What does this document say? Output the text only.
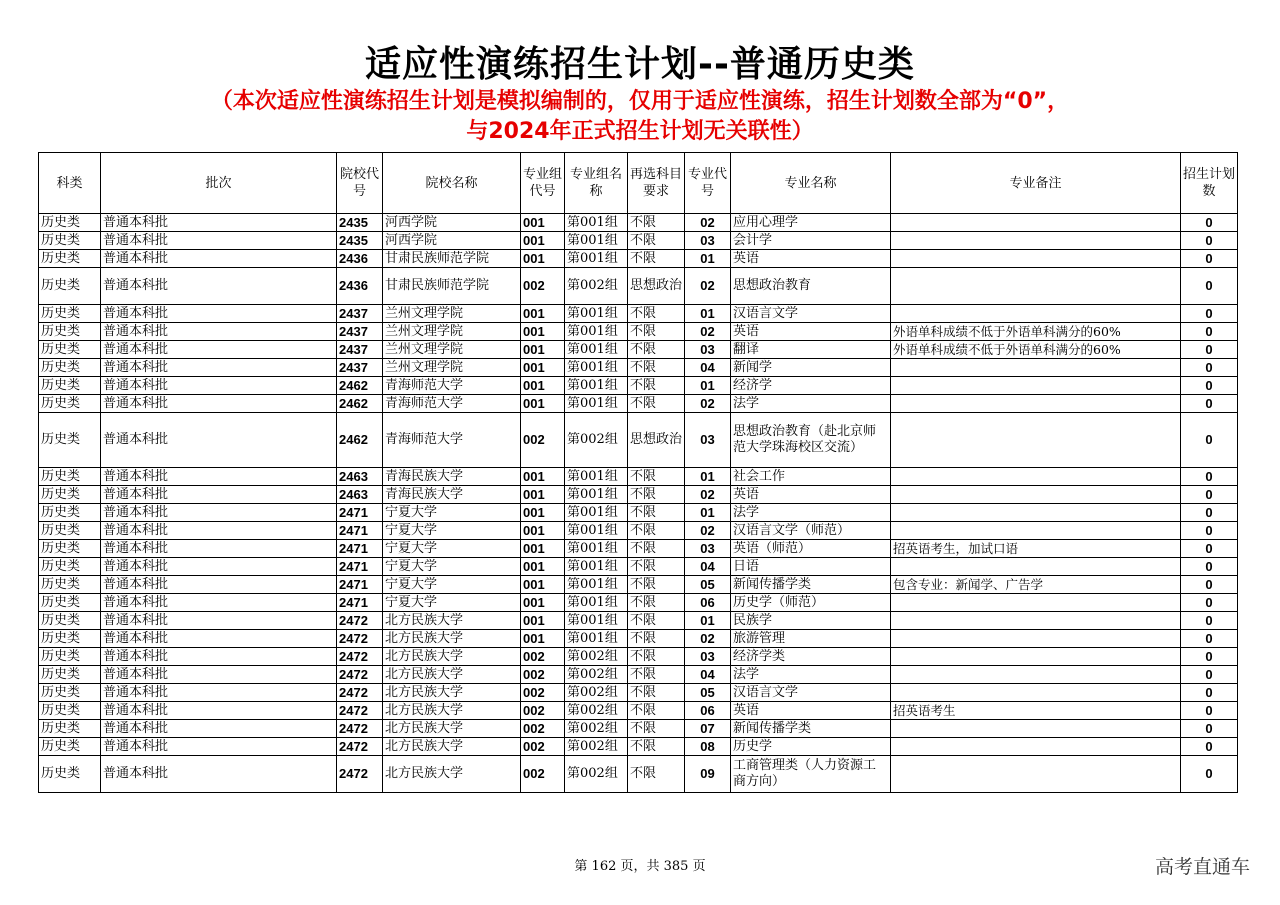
适应性演练招生计划--普通历史类
（本次适应性演练招生计划是模拟编制的，仅用于适应性演练，招生计划数全部为“0”，
与2024年正式招生计划无关联性）
科类	批次	院校代号	院校名称	专业组代号	专业组名称	再选科目要求	专业代号	专业名称	专业备注	招生计划数
历史类	普通本科批	2435	河西学院	001	第001组	不限	02	应用心理学		0
历史类	普通本科批	2435	河西学院	001	第001组	不限	03	会计学		0
历史类	普通本科批	2436	甘肃民族师范学院	001	第001组	不限	01	英语		0
历史类	普通本科批	2436	甘肃民族师范学院	002	第002组	思想政治	02	思想政治教育		0
历史类	普通本科批	2437	兰州文理学院	001	第001组	不限	01	汉语言文学		0
历史类	普通本科批	2437	兰州文理学院	001	第001组	不限	02	英语	外语单科成绩不低于外语单科满分的60%	0
历史类	普通本科批	2437	兰州文理学院	001	第001组	不限	03	翻译	外语单科成绩不低于外语单科满分的60%	0
历史类	普通本科批	2437	兰州文理学院	001	第001组	不限	04	新闻学		0
历史类	普通本科批	2462	青海师范大学	001	第001组	不限	01	经济学		0
历史类	普通本科批	2462	青海师范大学	001	第001组	不限	02	法学		0
历史类	普通本科批	2462	青海师范大学	002	第002组	思想政治	03	思想政治教育（赴北京师范大学珠海校区交流）		0
历史类	普通本科批	2463	青海民族大学	001	第001组	不限	01	社会工作		0
历史类	普通本科批	2463	青海民族大学	001	第001组	不限	02	英语		0
历史类	普通本科批	2471	宁夏大学	001	第001组	不限	01	法学		0
历史类	普通本科批	2471	宁夏大学	001	第001组	不限	02	汉语言文学（师范）		0
历史类	普通本科批	2471	宁夏大学	001	第001组	不限	03	英语（师范）	招英语考生，加试口语	0
历史类	普通本科批	2471	宁夏大学	001	第001组	不限	04	日语		0
历史类	普通本科批	2471	宁夏大学	001	第001组	不限	05	新闻传播学类	包含专业：新闻学、广告学	0
历史类	普通本科批	2471	宁夏大学	001	第001组	不限	06	历史学（师范）		0
历史类	普通本科批	2472	北方民族大学	001	第001组	不限	01	民族学		0
历史类	普通本科批	2472	北方民族大学	001	第001组	不限	02	旅游管理		0
历史类	普通本科批	2472	北方民族大学	002	第002组	不限	03	经济学类		0
历史类	普通本科批	2472	北方民族大学	002	第002组	不限	04	法学		0
历史类	普通本科批	2472	北方民族大学	002	第002组	不限	05	汉语言文学		0
历史类	普通本科批	2472	北方民族大学	002	第002组	不限	06	英语	招英语考生	0
历史类	普通本科批	2472	北方民族大学	002	第002组	不限	07	新闻传播学类		0
历史类	普通本科批	2472	北方民族大学	002	第002组	不限	08	历史学		0
历史类	普通本科批	2472	北方民族大学	002	第002组	不限	09	工商管理类（人力资源工商方向）		0
第 162 页，共 385 页	高考直通车
